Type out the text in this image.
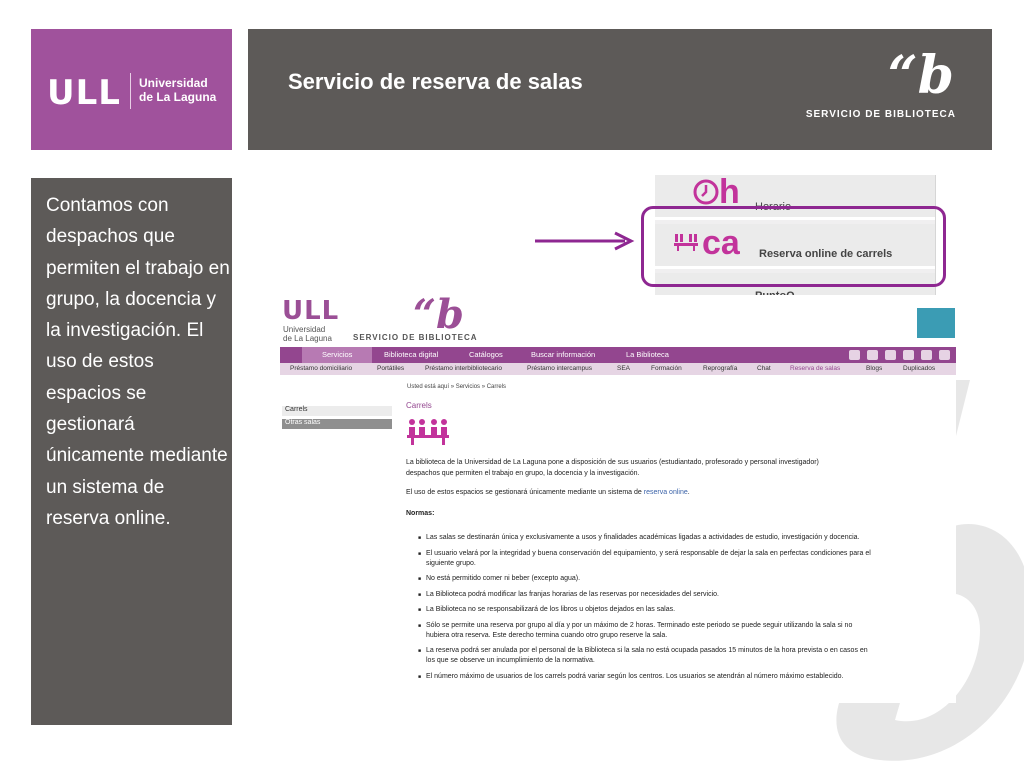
ULL Universidad
de La Laguna
Servicio de reserva de salas	“b
SERVICIO DE BIBLIOTECA
Contamos con despachos que permiten el trabajo en grupo, la docencia y la investigación. El uso de estos espacios se gestionará únicamente mediante un sistema de reserva online.
h Horario
ca Reserva online de carrels
ULL
Universidad
de La Laguna
“b
SERVICIO DE BIBLIOTECA
Servicios	Biblioteca digital	Catálogos	Buscar información	La Biblioteca
Préstamo domiciliario	Portátiles	Préstamo interbibliotecario	Préstamo intercampus	SEA	Formación	Reprografía	Chat	Reserva de salas	Blogs	Duplicados
Usted está aquí » Servicios » Carrels
Carrels
Otras salas
Carrels
La biblioteca de la Universidad de La Laguna pone a disposición de sus usuarios (estudiantado, profesorado y personal investigador) despachos que permiten el trabajo en grupo, la docencia y la investigación.
El uso de estos espacios se gestionará únicamente mediante un sistema de reserva online.
Normas:
■ Las salas se destinarán única y exclusivamente a usos y finalidades académicas ligadas a actividades de estudio, investigación y docencia.
■ El usuario velará por la integridad y buena conservación del equipamiento, y será responsable de dejar la sala en perfectas condiciones para el siguiente grupo.
■ No está permitido comer ni beber (excepto agua).
■ La Biblioteca podrá modificar las franjas horarias de las reservas por necesidades del servicio.
■ La Biblioteca no se responsabilizará de los libros u objetos dejados en las salas.
■ Sólo se permite una reserva por grupo al día y por un máximo de 2 horas. Terminado este periodo se puede seguir utilizando la sala si no hubiera otra reserva. Este derecho termina cuando otro grupo reserve la sala.
■ La reserva podrá ser anulada por el personal de la Biblioteca si la sala no está ocupada pasados 15 minutos de la hora prevista o en casos en los que se observe un incumplimiento de la normativa.
■ El número máximo de usuarios de los carrels podrá variar según los centros. Los usuarios se atendrán al número máximo establecido.
